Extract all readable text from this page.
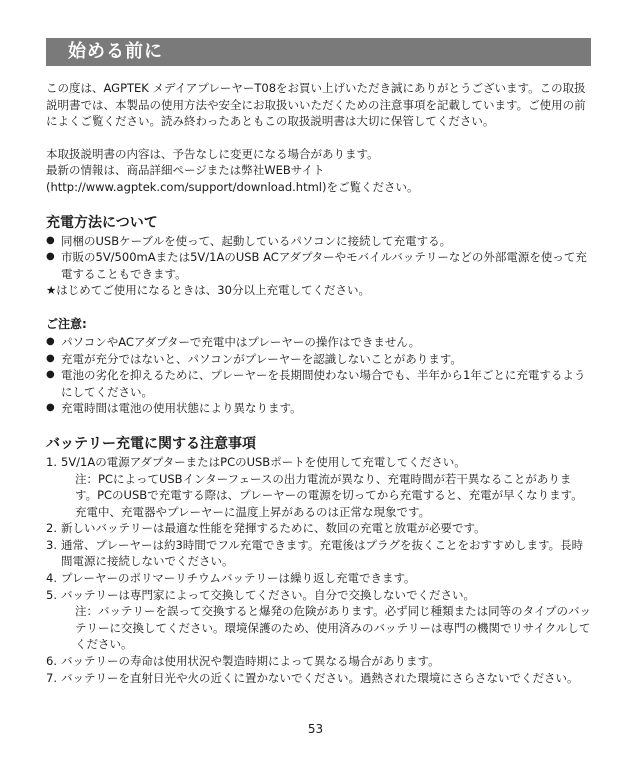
始める前に

この度は、AGPTEK メデイアプレーヤーT08をお買い上げいただき誠にありがとうございます。この取扱説明書では、本製品の使用方法や安全にお取扱いいただくための注意事項を記載しています。ご使用の前によくご覧ください。読み終わったあともこの取扱説明書は大切に保管してください。

本取扱説明書の内容は、予告なしに変更になる場合があります。

最新の情報は、商品詳細ページまたは弊社WEBサイト

(http://www.agptek.com/support/download.html)をご覧ください。

充電方法について
● 同梱のUSBケーブルを使って、起動しているパソコンに接続して充電する。
● 市販の5V/500mAまたは5V/1AのUSB ACアダプターやモバイルバッテリーなどの外部電源を使って充電することもできます。
★はじめてご使用になるときは、30分以上充電してください。
ご注意:
● パソコンやACアダプターで充電中はプレーヤーの操作はできません。
● 充電が充分ではないと、パソコンがプレーヤーを認識しないことがあります。
● 電池の劣化を抑えるために、プレーヤーを長期間使わない場合でも、半年から1年ごとに充電するようにしてください。
● 充電時間は電池の使用状態により異なります。
バッテリー充電に関する注意事項
1. 5V/1Aの電源アダプターまたはPCのUSBポートを使用して充電してください。
注：PCによってUSBインターフェースの出力電流が異なり、充電時間が若干異なることがあります。PCのUSBで充電する際は、プレーヤーの電源を切ってから充電すると、充電が早くなります。充電中、充電器やプレーヤーに温度上昇があるのは正常な現象です。
2. 新しいバッテリーは最適な性能を発揮するために、数回の充電と放電が必要です。
3. 通常、プレーヤーは約3時間でフル充電できます。充電後はプラグを抜くことをおすすめします。長時間電源に接続しないでください。
4. プレーヤーのポリマーリチウムバッテリーは繰り返し充電できます。
5. バッテリーは専門家によって交換してください。自分で交換しないでください。
注：バッテリーを誤って交換すると爆発の危険があります。必ず同じ種類または同等のタイプのバッテリーに交換してください。環境保護のため、使用済みのバッテリーは専門の機関でリサイクルしてください。
6. バッテリーの寿命は使用状況や製造時期によって異なる場合があります。
7. バッテリーを直射日光や火の近くに置かないでください。過熱された環境にさらさないでください。
53
